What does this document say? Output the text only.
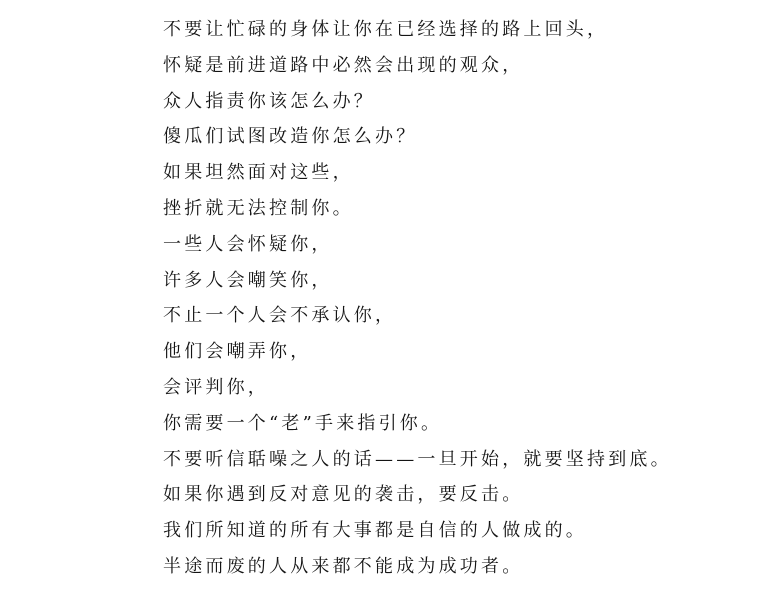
不要让忙碌的身体让你在已经选择的路上回头，
怀疑是前进道路中必然会出现的观众，
众人指责你该怎么办？
傻瓜们试图改造你怎么办？
如果坦然面对这些，
挫折就无法控制你。
一些人会怀疑你，
许多人会嘲笑你，
不止一个人会不承认你，
他们会嘲弄你，
会评判你，
你需要一个“老”手来指引你。
不要听信聒噪之人的话——一旦开始，就要坚持到底。
如果你遇到反对意见的袭击，要反击。
我们所知道的所有大事都是自信的人做成的。
半途而废的人从来都不能成为成功者。
